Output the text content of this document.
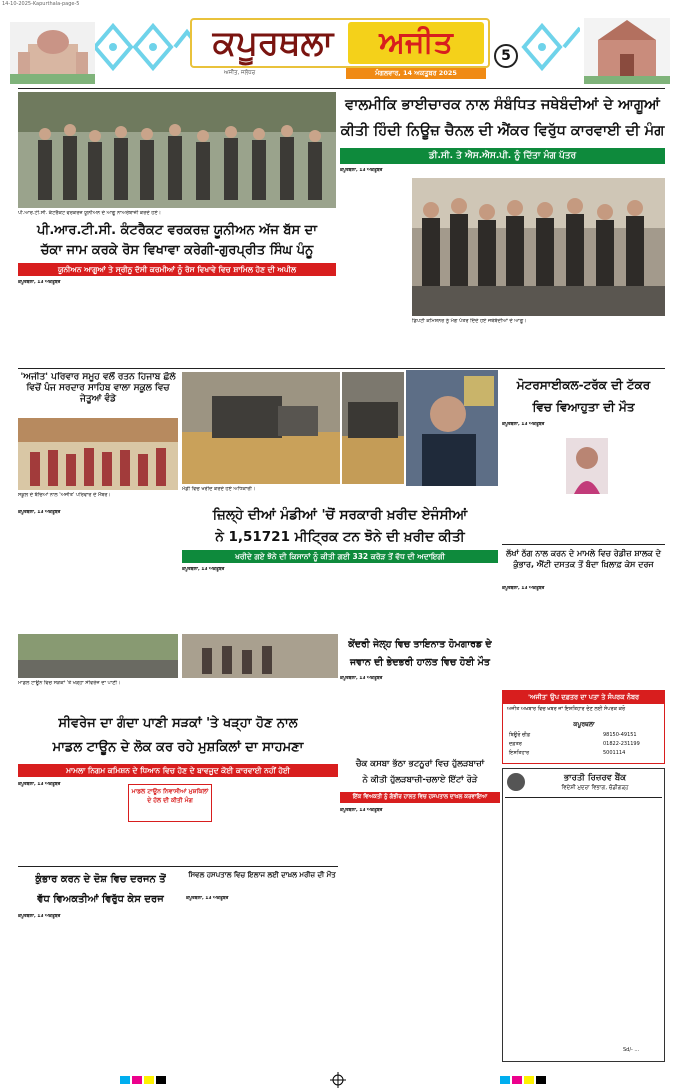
14-10-2025-Kapurthala-page-5
ਕਪੂਰਥਲਾ	ਅਜੀਤ
ਅਜੀਤ, ਜਲੰਧਰ	ਮੰਗਲਵਾਰ, 14 ਅਕਤੂਬਰ 2025
5
ਪੀ.ਆਰ.ਟੀ.ਸੀ. ਕੰਟਰੈਕਟ ਵਰਕਰਜ਼ ਯੂਨੀਅਨ ਦੇ ਆਗੂ ਨਾਅਰੇਬਾਜ਼ੀ ਕਰਦੇ ਹੋਏ।
ਪੀ.ਆਰ.ਟੀ.ਸੀ. ਕੰਟਰੈਕਟ ਵਰਕਰਜ਼ ਯੂਨੀਅਨ ਅੱਜ ਬੱਸ ਦਾ
ਚੱਕਾ ਜਾਮ ਕਰਕੇ ਰੋਸ ਵਿਖਾਵਾ ਕਰੇਗੀ-ਗੁਰਪ੍ਰੀਤ ਸਿੰਘ ਪੰਨੂ
ਯੂਨੀਅਨ ਆਗੂਆਂ ਤੇ ਸ੍ਰੀਨੂ ਦੱਸੀ ਕਰਮੀਆਂ ਨੂੰ ਰੋਸ ਵਿਖਾਵੇ ਵਿਚ ਸ਼ਾਮਿਲ ਹੋਣ ਦੀ ਅਪੀਲ
ਕਪੂਰਥਲਾ, 13 ਅਕਤੂਬਰ
ਵਾਲਮੀਕਿ ਭਾਈਚਾਰਕ ਨਾਲ ਸੰਬੰਧਿਤ ਜਥੇਬੰਦੀਆਂ ਦੇ ਆਗੂਆਂ
ਕੀਤੀ ਹਿੰਦੀ ਨਿਊਜ਼ ਚੈਨਲ ਦੀ ਐਂਕਰ ਵਿਰੁੱਧ ਕਾਰਵਾਈ ਦੀ ਮੰਗ
ਡੀ.ਸੀ. ਤੇ ਐਸ.ਐਸ.ਪੀ. ਨੂੰ ਦਿੱਤਾ ਮੰਗ ਪੱਤਰ
ਕਪੂਰਥਲਾ, 13 ਅਕਤੂਬਰ
ਡਿਪਟੀ ਕਮਿਸ਼ਨਰ ਨੂੰ ਮੰਗ ਪੱਤਰ ਦਿੰਦੇ ਹੋਏ ਜਥੇਬੰਦੀਆਂ ਦੇ ਆਗੂ।
'ਅਜੀਤ' ਪਰਿਵਾਰ ਸਮੂਹ ਵਲੋਂ ਰਤਨ ਹਿਜਾਬ ਛੋਲੇ ਵਿਚੋਂ ਪੰਜ ਸਰਦਾਰ ਸਾਹਿਬ ਵਾਲਾ ਸਕੂਲ ਵਿਚ ਜੇਤੂਆਂ ਵੰਡੇ
ਸਕੂਲ ਦੇ ਬੱਚਿਆਂ ਨਾਲ 'ਅਜੀਤ' ਪਰਿਵਾਰ ਦੇ ਮੈਂਬਰ।
ਕਪੂਰਥਲਾ, 13 ਅਕਤੂਬਰ
ਮੰਡੀ ਵਿਚ ਖਰੀਦ ਕਰਦੇ ਹੋਏ ਅਧਿਕਾਰੀ।
ਜ਼ਿਲ੍ਹੇ ਦੀਆਂ ਮੰਡੀਆਂ 'ਚੋਂ ਸਰਕਾਰੀ ਖ਼ਰੀਦ ਏਜੰਸੀਆਂ
ਨੇ 1,51721 ਮੀਟ੍ਰਿਕ ਟਨ ਝੋਨੇ ਦੀ ਖ਼ਰੀਦ ਕੀਤੀ
ਖਰੀਦੇ ਗਏ ਝੋਨੇ ਦੀ ਕਿਸਾਨਾਂ ਨੂੰ ਕੀਤੀ ਗਈ 332 ਕਰੋੜ ਤੋਂ ਵੱਧ ਦੀ ਅਦਾਇਗੀ
ਕਪੂਰਥਲਾ, 13 ਅਕਤੂਬਰ
ਮੋਟਰਸਾਈਕਲ-ਟਰੱਕ ਦੀ ਟੱਕਰ
ਵਿਚ ਵਿਆਹੁਤਾ ਦੀ ਮੌਤ
ਕਪੂਰਥਲਾ, 13 ਅਕਤੂਬਰ
ਲੱਖਾਂ ਠੱਗ ਨਾਲ ਕਰਨ ਦੇ ਮਾਮਲੇ ਵਿਚ ਰੇਡੀਜ਼ ਸ਼ਾਲਕ ਦੇ ਕੁੰਭਾਰ, ਐਂਟੀ ਦਸਤਕ ਤੋਂ ਬੰਦਾ ਖ਼ਿਲਾਫ਼ ਕੇਸ ਦਰਜ
ਕਪੂਰਥਲਾ, 13 ਅਕਤੂਬਰ
ਮਾਡਲ ਟਾਊਨ ਵਿਚ ਸੜਕਾਂ 'ਤੇ ਖੜ੍ਹਾ ਸੀਵਰੇਜ ਦਾ ਪਾਣੀ।
ਕੇਂਦਰੀ ਜੇਲ੍ਹ ਵਿਚ ਤਾਇਨਾਤ ਹੋਮਗਾਰਡ ਦੇ
ਜਵਾਨ ਦੀ ਭੇਦਭਰੀ ਹਾਲਤ ਵਿਚ ਹੋਈ ਮੌਤ
ਕਪੂਰਥਲਾ, 13 ਅਕਤੂਬਰ
ਸੀਵਰੇਜ ਦਾ ਗੰਦਾ ਪਾਣੀ ਸੜਕਾਂ 'ਤੇ ਖੜ੍ਹਾ ਹੋਣ ਨਾਲ
ਮਾਡਲ ਟਾਊਨ ਦੇ ਲੋਕ ਕਰ ਰਹੇ ਮੁਸ਼ਕਿਲਾਂ ਦਾ ਸਾਹਮਣਾ
ਮਾਮਲਾ ਨਿਗਮ ਕਮਿਸ਼ਨ ਦੇ ਧਿਆਨ ਵਿਚ ਹੋਣ ਦੇ ਬਾਵਜੂਦ ਕੋਈ ਕਾਰਵਾਈ ਨਹੀਂ ਹੋਈ
ਕਪੂਰਥਲਾ, 13 ਅਕਤੂਬਰ
ਮਾਡਲ ਟਾਊਨ ਨਿਵਾਸੀਆਂ ਮੁਸ਼ਕਿਲਾਂ ਦੇ ਹੱਲ ਦੀ ਕੀਤੀ ਮੰਗ
'ਅਜੀਤ' ਉਪ ਦਫ਼ਤਰ ਦਾ ਪਤਾ ਤੇ ਸੰਪਰਕ ਨੰਬਰ
ਅਜੀਤ ਅਖ਼ਬਾਰ ਵਿਚ ਖ਼ਬਰ ਜਾਂ ਇਸ਼ਤਿਹਾਰ ਦੇਣ ਲਈ ਸੰਪਰਕ ਕਰੋ
ਕਪੂਰਥਲਾ
ਬਿਊਰੋ ਚੀਫ਼	98150-49151
ਦਫ਼ਤਰ	01822-231199
ਇਸ਼ਤਿਹਾਰ	5001114
ਚੈਕ ਕਸਬਾ ਭੱਠਾ ਭਟਨੂਰਾਂ ਵਿਚ ਹੁੱਲੜਬਾਜ਼ਾਂ
ਨੇ ਕੀਤੀ ਹੁੱਲੜਬਾਜ਼ੀ-ਚਲਾਏ ਇੱਟਾਂ ਰੋੜੇ
ਇੱਕ ਵਿਅਕਤੀ ਨੂੰ ਗੰਭੀਰ ਹਾਲਤ ਵਿਚ ਹਸਪਤਾਲ ਦਾਖ਼ਲ ਕਰਵਾਇਆ
ਕਪੂਰਥਲਾ, 13 ਅਕਤੂਬਰ
ਭਾਰਤੀ ਰਿਜ਼ਰਵ ਬੈਂਕ
ਵਿਦੇਸ਼ੀ ਮੁਦਰਾ ਵਿਭਾਗ, ਚੰਡੀਗੜ੍ਹ
Sd/- ...
ਕੁੰਭਾਰ ਕਰਨ ਦੇ ਦੋਸ਼ ਵਿਚ ਦਰਜਨ ਤੋਂ
ਵੱਧ ਵਿਅਕਤੀਆਂ ਵਿਰੁੱਧ ਕੇਸ ਦਰਜ
ਕਪੂਰਥਲਾ, 13 ਅਕਤੂਬਰ
ਸਿਵਲ ਹਸਪਤਾਲ ਵਿਚ ਇਲਾਜ ਲਈ ਦਾਖ਼ਲ ਮਰੀਜ਼ ਦੀ ਮੌਤ
ਕਪੂਰਥਲਾ, 13 ਅਕਤੂਬਰ
